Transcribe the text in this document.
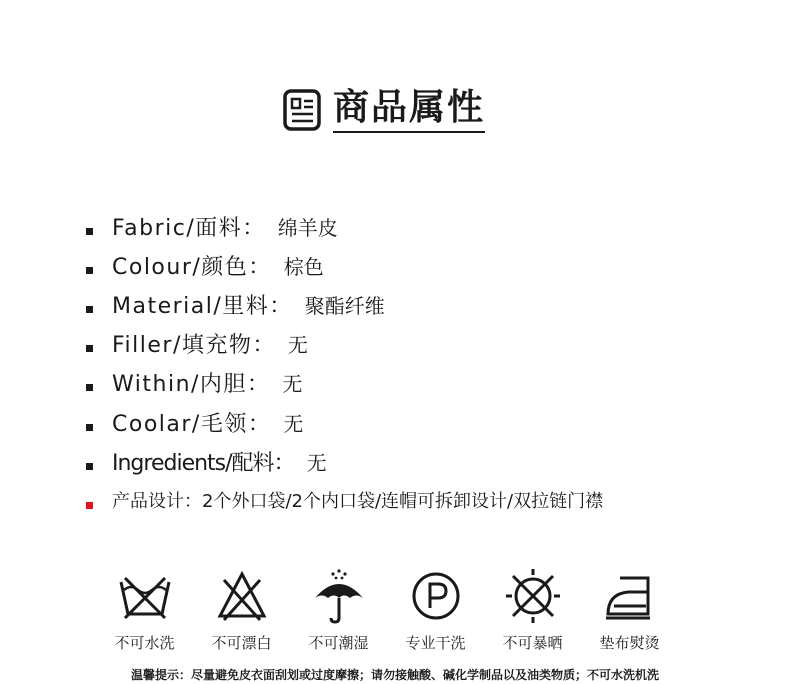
商品属性
Fabric/面料： 绵羊皮
Colour/颜色： 棕色
Material/里料： 聚酯纤维
Filler/填充物： 无
Within/内胆： 无
Coolar/毛领： 无
Ingredients/配料： 无
产品设计：2个外口袋/2个内口袋/连帽可拆卸设计/双拉链门襟
不可水洗 不可漂白 不可潮湿 专业干洗 不可暴晒 垫布熨烫
温馨提示：尽量避免皮衣面刮划或过度摩擦；请勿接触酸、碱化学制品以及油类物质；不可水洗机洗
